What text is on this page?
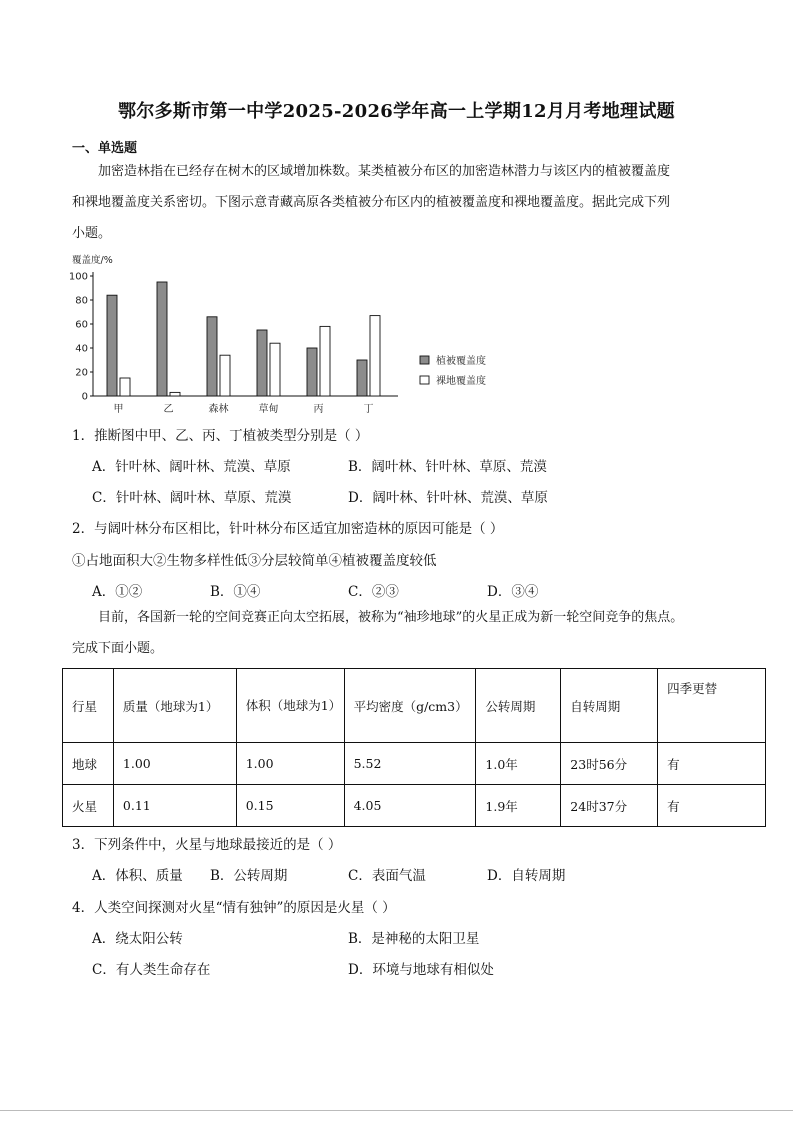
鄂尔多斯市第一中学2025-2026学年高一上学期12月月考地理试题
一、单选题
加密造林指在已经存在树木的区域增加株数。某类植被分布区的加密造林潜力与该区内的植被覆盖度
和裸地覆盖度关系密切。下图示意青藏高原各类植被分布区内的植被覆盖度和裸地覆盖度。据此完成下列
小题。
覆盖度/%
0
20
40
60
80
100
甲	乙	森林	草甸	丙	丁
植被覆盖度
裸地覆盖度
1．推断图中甲、乙、丙、丁植被类型分别是（ ）
A．针叶林、阔叶林、荒漠、草原	B．阔叶林、针叶林、草原、荒漠
C．针叶林、阔叶林、草原、荒漠	D．阔叶林、针叶林、荒漠、草原
2．与阔叶林分布区相比，针叶林分布区适宜加密造林的原因可能是（ ）
①占地面积大②生物多样性低③分层较简单④植被覆盖度较低
A．①②	B．①④	C．②③	D．③④
目前，各国新一轮的空间竞赛正向太空拓展，被称为“袖珍地球”的火星正成为新一轮空间竞争的焦点。
完成下面小题。
行星	质量（地球为1）	体积（地球为1）	平均密度（g/cm3）	公转周期	自转周期	四季更替
地球	1.00	1.00	5.52	1.0年	23时56分	有
火星	0.11	0.15	4.05	1.9年	24时37分	有
3．下列条件中，火星与地球最接近的是（ ）
A．体积、质量 B．公转周期	C．表面气温	D．自转周期
4．人类空间探测对火星“情有独钟”的原因是火星（ ）
A．绕太阳公转	B．是神秘的太阳卫星
C．有人类生命存在	D．环境与地球有相似处
